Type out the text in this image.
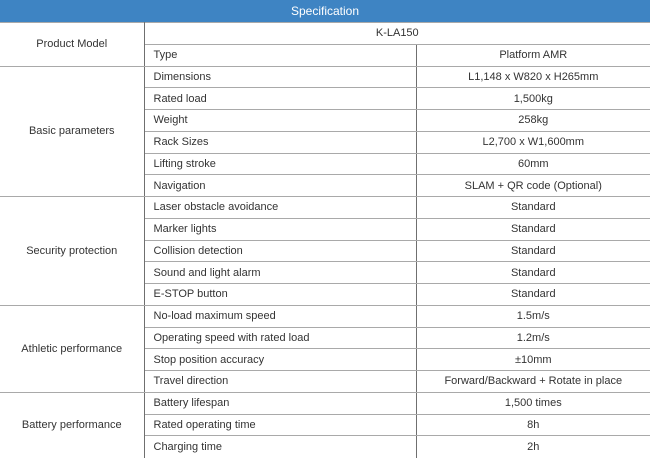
Specification		
Product Model	K-LA150	
	Type	Platform AMR
Basic parameters	Dimensions	L1,148 x W820 x H265mm
	Rated load	1,500kg
	Weight	258kg
	Rack Sizes	L2,700 x W1,600mm
	Lifting stroke	60mm
	Navigation	SLAM + QR code (Optional)
Security protection	Laser obstacle avoidance	Standard
	Marker lights	Standard
	Collision detection	Standard
	Sound and light alarm	Standard
	E-STOP button	Standard
Athletic performance	No-load maximum speed	1.5m/s
	Operating speed with rated load	1.2m/s
	Stop position accuracy	±10mm
	Travel direction	Forward/Backward + Rotate in place
Battery performance	Battery lifespan	1,500 times
	Rated operating time	8h
	Charging time	2h
